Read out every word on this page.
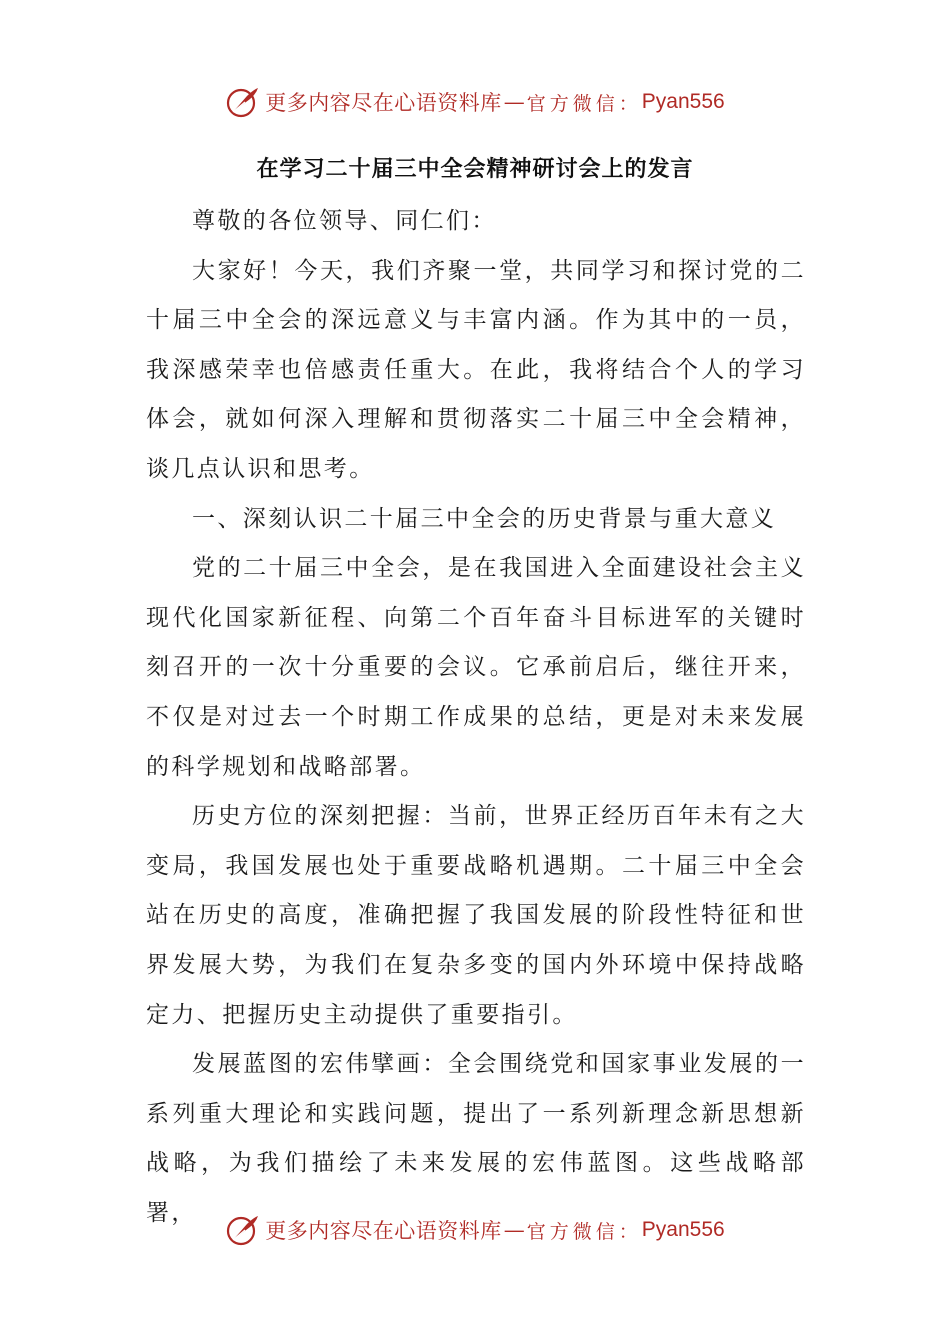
更多内容尽在心语资料库 — 官方微信： Pyan556
在学习二十届三中全会精神研讨会上的发言

尊敬的各位领导、同仁们：

大家好！今天，我们齐聚一堂，共同学习和探讨党的二十届三中全会的深远意义与丰富内涵。作为其中的一员，我深感荣幸也倍感责任重大。在此，我将结合个人的学习体会，就如何深入理解和贯彻落实二十届三中全会精神，谈几点认识和思考。

一、深刻认识二十届三中全会的历史背景与重大意义

党的二十届三中全会，是在我国进入全面建设社会主义现代化国家新征程、向第二个百年奋斗目标进军的关键时刻召开的一次十分重要的会议。它承前启后，继往开来，不仅是对过去一个时期工作成果的总结，更是对未来发展的科学规划和战略部署。

历史方位的深刻把握：当前，世界正经历百年未有之大变局，我国发展也处于重要战略机遇期。二十届三中全会站在历史的高度，准确把握了我国发展的阶段性特征和世界发展大势，为我们在复杂多变的国内外环境中保持战略定力、把握历史主动提供了重要指引。

发展蓝图的宏伟擘画：全会围绕党和国家事业发展的一系列重大理论和实践问题，提出了一系列新理念新思想新战略，为我们描绘了未来发展的宏伟蓝图。这些战略部署，

更多内容尽在心语资料库 — 官方微信： Pyan556
